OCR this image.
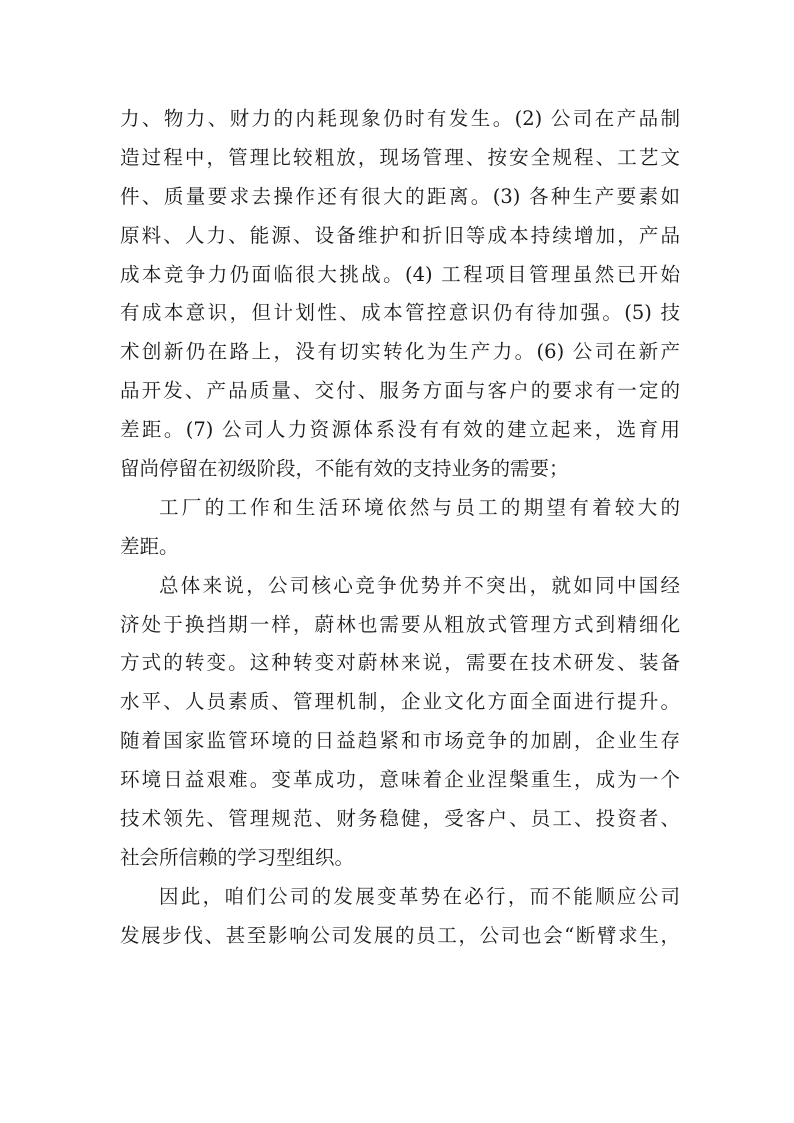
力、物力、财力的内耗现象仍时有发生。(2) 公司在产品制
造过程中，管理比较粗放，现场管理、按安全规程、工艺文
件、质量要求去操作还有很大的距离。(3) 各种生产要素如
原料、人力、能源、设备维护和折旧等成本持续增加，产品
成本竞争力仍面临很大挑战。(4) 工程项目管理虽然已开始
有成本意识，但计划性、成本管控意识仍有待加强。(5) 技
术创新仍在路上，没有切实转化为生产力。(6) 公司在新产
品开发、产品质量、交付、服务方面与客户的要求有一定的
差距。(7) 公司人力资源体系没有有效的建立起来，选育用
留尚停留在初级阶段，不能有效的支持业务的需要；
工厂的工作和生活环境依然与员工的期望有着较大的
差距。
总体来说，公司核心竞争优势并不突出，就如同中国经
济处于换挡期一样，蔚林也需要从粗放式管理方式到精细化
方式的转变。这种转变对蔚林来说，需要在技术研发、装备
水平、人员素质、管理机制，企业文化方面全面进行提升。
随着国家监管环境的日益趋紧和市场竞争的加剧，企业生存
环境日益艰难。变革成功，意味着企业涅槃重生，成为一个
技术领先、管理规范、财务稳健，受客户、员工、投资者、
社会所信赖的学习型组织。
因此，咱们公司的发展变革势在必行，而不能顺应公司
发展步伐、甚至影响公司发展的员工，公司也会“断臂求生，
